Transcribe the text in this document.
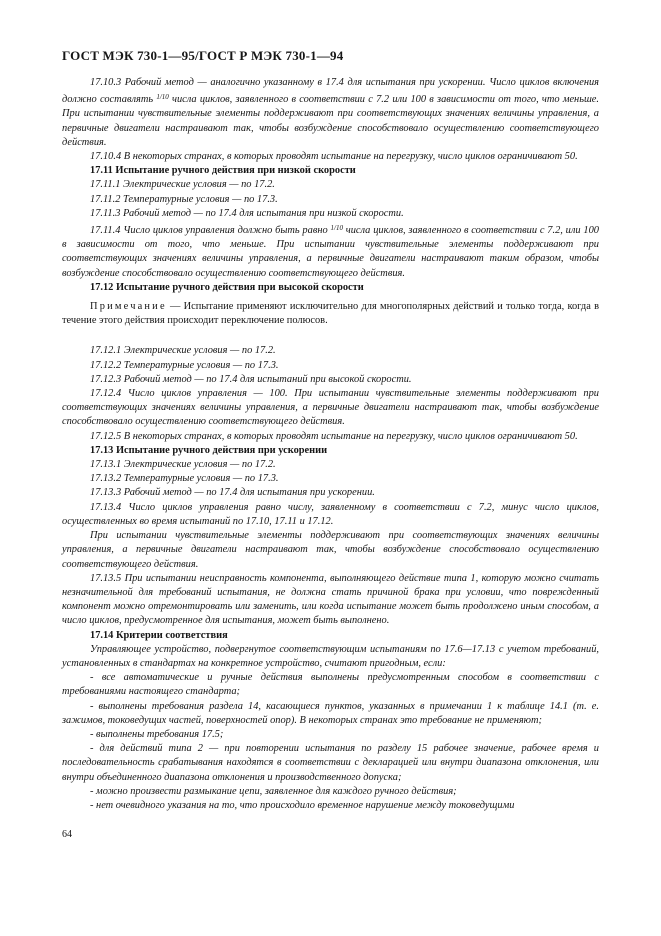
ГОСТ МЭК 730-1—95/ГОСТ Р МЭК 730-1—94

17.10.3 Рабочий метод — аналогично указанному в 17.4 для испытания при ускорении. Число циклов включения должно составлять $^{1/10}$ числа циклов, заявленного в соответствии с 7.2 или 100 в зависимости от того, что меньше. При испытании чувствительные элементы поддерживают при соответствующих значениях величины управления, а первичные двигатели настраивают так, чтобы возбуждение способствовало осуществлению соответствующего действия.

17.10.4 В некоторых странах, в которых проводят испытание на перегрузку, число циклов ограничивают 50.

17.11 Испытание ручного действия при низкой скорости

17.11.1 Электрические условия — по 17.2.

17.11.2 Температурные условия — по 17.3.

17.11.3 Рабочий метод — по 17.4 для испытания при низкой скорости.

17.11.4 Число циклов управления должно быть равно $^{1/10}$ числа циклов, заявленного в соответствии с 7.2, или 100 в зависимости от того, что меньше. При испытании чувствительные элементы поддерживают при соответствующих значениях величины управления, а первичные двигатели настраивают таким образом, чтобы возбуждение способствовало осуществлению соответствующего действия.

17.12 Испытание ручного действия при высокой скорости

Примечание — Испытание применяют исключительно для многополярных действий и только тогда, когда в течение этого действия происходит переключение полюсов.

17.12.1 Электрические условия — по 17.2.

17.12.2 Температурные условия — по 17.3.

17.12.3 Рабочий метод — по 17.4 для испытаний при высокой скорости.

17.12.4 Число циклов управления — 100. При испытании чувствительные элементы поддерживают при соответствующих значениях величины управления, а первичные двигатели настраивают так, чтобы возбуждение способствовало осуществлению соответствующего действия.

17.12.5 В некоторых странах, в которых проводят испытание на перегрузку, число циклов ограничивают 50.

17.13 Испытание ручного действия при ускорении

17.13.1 Электрические условия — по 17.2.

17.13.2 Температурные условия — по 17.3.

17.13.3 Рабочий метод — по 17.4 для испытания при ускорении.

17.13.4 Число циклов управления равно числу, заявленному в соответствии с 7.2, минус число циклов, осуществленных во время испытаний по 17.10, 17.11 и 17.12.

При испытании чувствительные элементы поддерживают при соответствующих значениях величины управления, а первичные двигатели настраивают так, чтобы возбуждение способствовало осуществлению соответствующего действия.

17.13.5 При испытании неисправность компонента, выполняющего действие типа 1, которую можно считать незначительной для требований испытания, не должна стать причиной брака при условии, что поврежденный компонент можно отремонтировать или заменить, или когда испытание может быть продолжено иным способом, а число циклов, предусмотренное для испытания, может быть выполнено.

17.14 Критерии соответствия

Управляющее устройство, подвергнутое соответствующим испытаниям по 17.6—17.13 с учетом требований, установленных в стандартах на конкретное устройство, считают пригодным, если:

- все автоматические и ручные действия выполнены предусмотренным способом в соответствии с требованиями настоящего стандарта;

- выполнены требования раздела 14, касающиеся пунктов, указанных в примечании 1 к таблице 14.1 (т. е. зажимов, токоведущих частей, поверхностей опор). В некоторых странах это требование не применяют;

- выполнены требования 17.5;

- для действий типа 2 — при повторении испытания по разделу 15 рабочее значение, рабочее время и последовательность срабатывания находятся в соответствии с декларацией или внутри диапазона отклонения, или внутри объединенного диапазона отклонения и производственного допуска;

- можно произвести размыкание цепи, заявленное для каждого ручного действия;

- нет очевидного указания на то, что происходило временное нарушение между токоведущими

64
